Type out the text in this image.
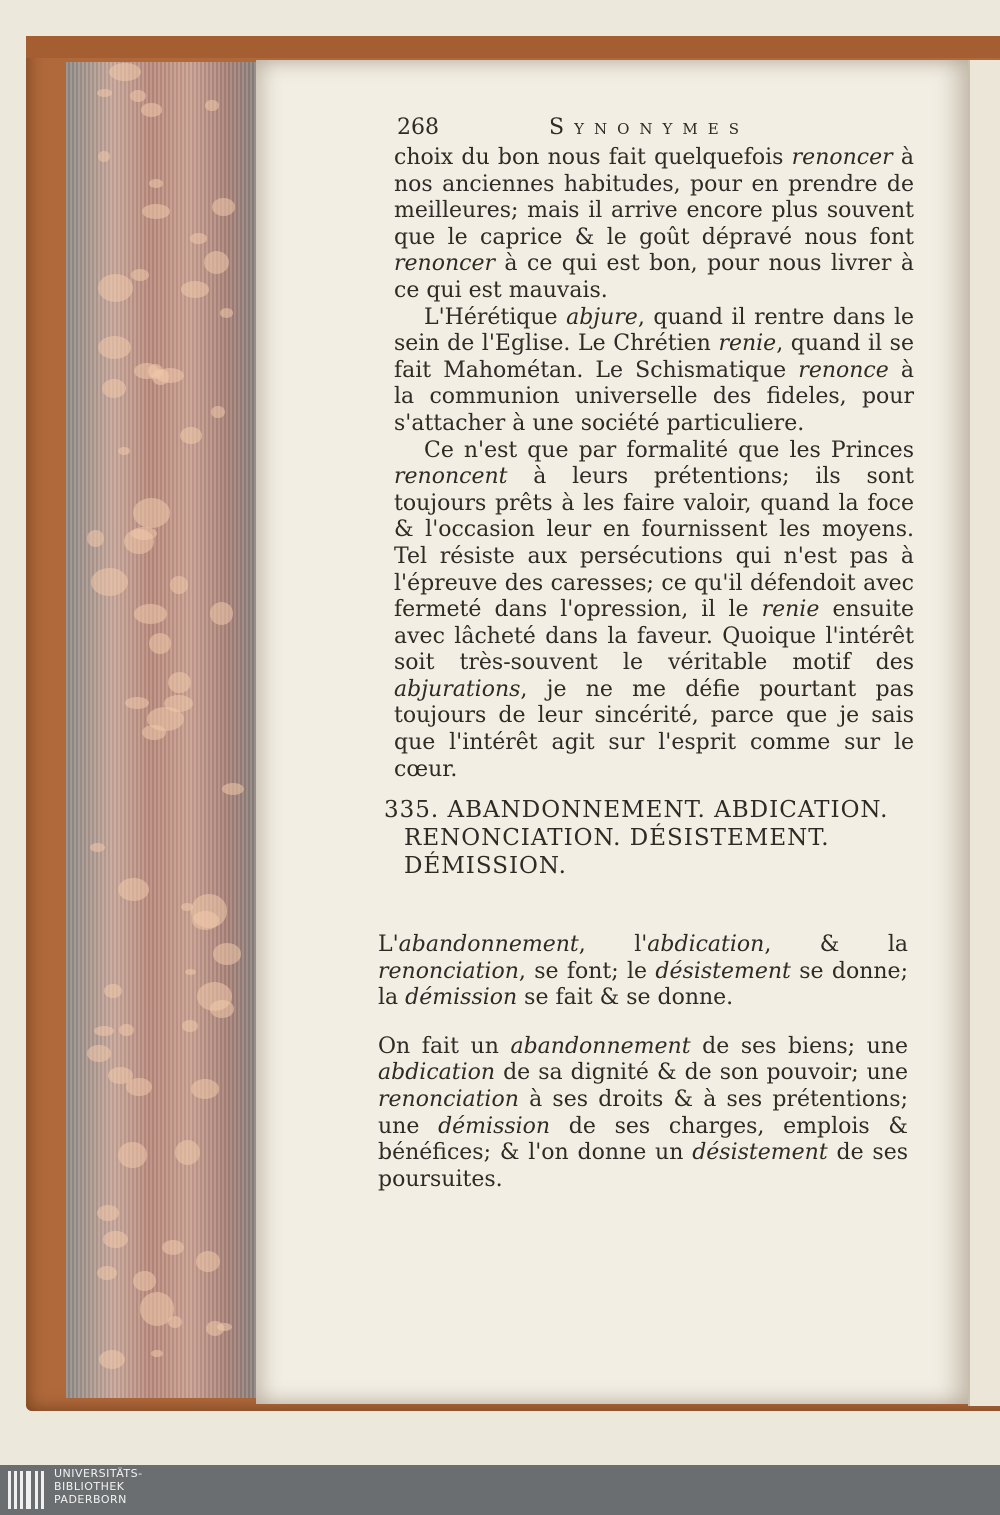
268	Synonymes

choix du bon nous fait quelquefois renoncer à nos anciennes habitudes, pour en prendre de meilleures; mais il arrive encore plus souvent que le caprice & le goût dépravé nous font renoncer à ce qui est bon, pour nous livrer à ce qui est mauvais.

L'Hérétique abjure, quand il rentre dans le sein de l'Eglise. Le Chrétien renie, quand il se fait Mahométan. Le Schismatique renonce à la communion universelle des fideles, pour s'attacher à une société particuliere.

Ce n'est que par formalité que les Princes renoncent à leurs prétentions; ils sont toujours prêts à les faire valoir, quand la foce & l'occasion leur en fournissent les moyens. Tel résiste aux persécutions qui n'est pas à l'épreuve des caresses; ce qu'il défendoit avec fermeté dans l'opression, il le renie ensuite avec lâcheté dans la faveur. Quoique l'intérêt soit très-souvent le véritable motif des abjurations, je ne me défie pourtant pas toujours de leur sincérité, parce que je sais que l'intérêt agit sur l'esprit comme sur le cœur.

335. ABANDONNEMENT. ABDICATION.
RENONCIATION. DÉSISTEMENT.
DÉMISSION.

L'abandonnement, l'abdication, & la renonciation, se font; le désistement se donne; la démission se fait & se donne.

On fait un abandonnement de ses biens; une abdication de sa dignité & de son pouvoir; une renonciation à ses droits & à ses prétentions; une démission de ses charges, emplois & bénéfices; & l'on donne un désistement de ses poursuites.

UNIVERSITÄTS-
BIBLIOTHEK
PADERBORN
